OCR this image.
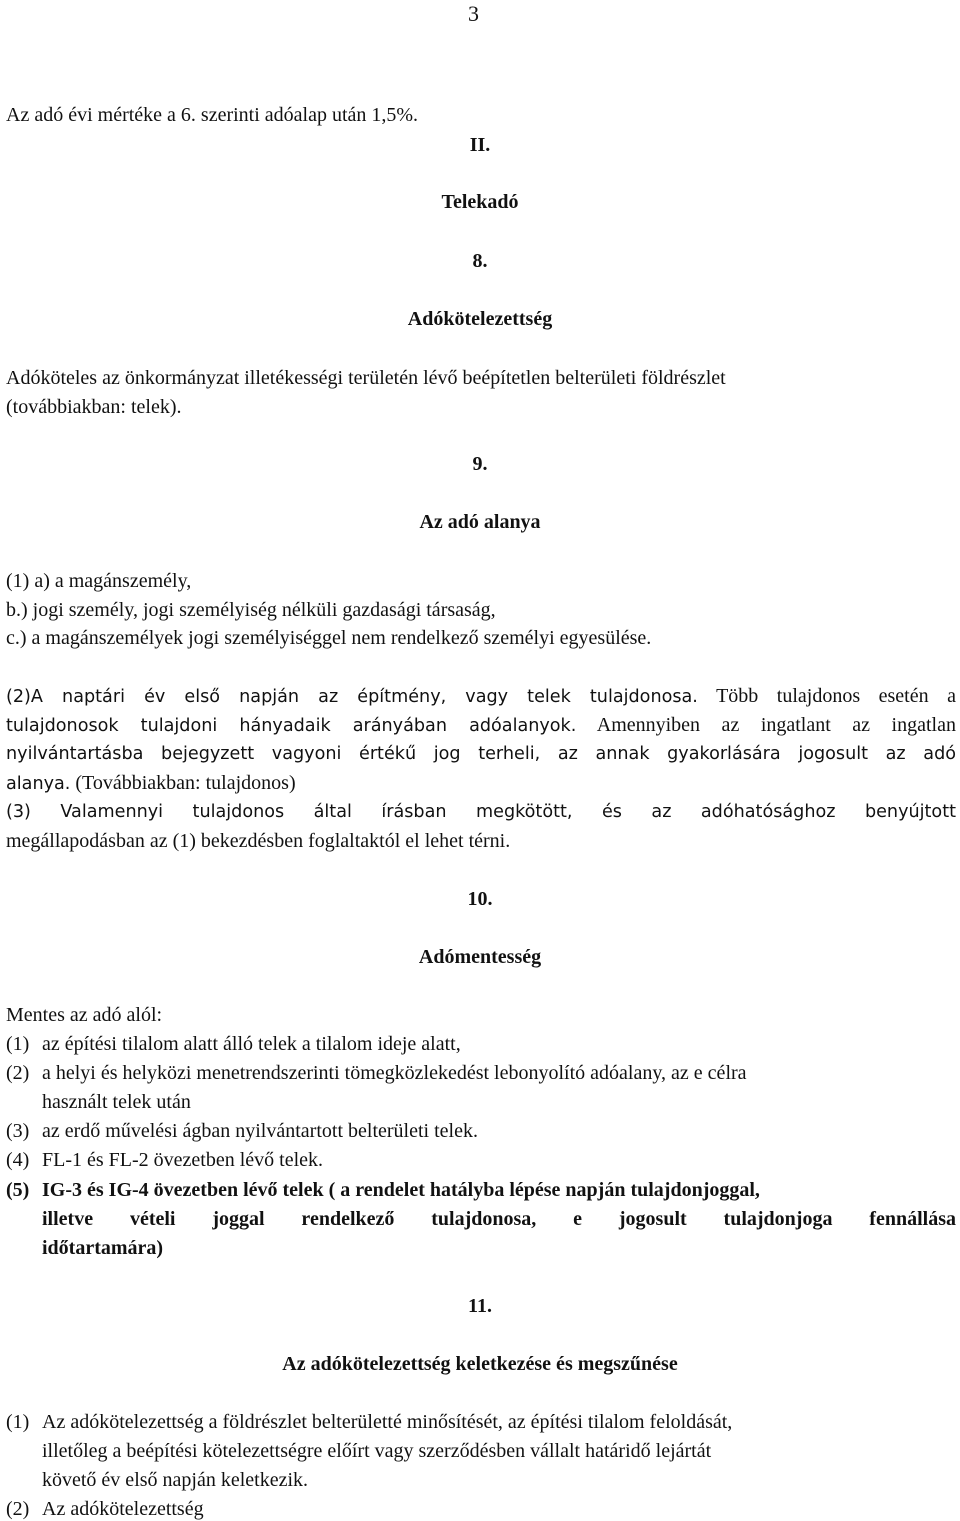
3
Az adó évi mértéke a 6. szerinti adóalap után 1,5%.
II.
Telekadó
8.
Adókötelezettség
Adóköteles az önkormányzat illetékességi területén lévő beépítetlen belterületi földrészlet
(továbbiakban: telek).
9.
Az adó alanya
(1) a) a magánszemély,
b.) jogi személy, jogi személyiség nélküli gazdasági társaság,
c.) a magánszemélyek jogi személyiséggel nem rendelkező személyi egyesülése.
(2)A naptári év első napján az építmény, vagy telek tulajdonosa. Több tulajdonos esetén a
tulajdonosok tulajdoni hányadaik arányában adóalanyok. Amennyiben az ingatlant az ingatlan
nyilvántartásba bejegyzett vagyoni értékű jog terheli, az annak gyakorlására jogosult az adó
alanya. (Továbbiakban: tulajdonos)
(3) Valamennyi tulajdonos által írásban megkötött, és az adóhatósághoz benyújtott
megállapodásban az (1) bekezdésben foglaltaktól el lehet térni.
10.
Adómentesség
Mentes az adó alól:
(1) az építési tilalom alatt álló telek a tilalom ideje alatt,
(2) a helyi és helyközi menetrendszerinti tömegközlekedést lebonyolító adóalany, az e célra
használt telek után
(3) az erdő művelési ágban nyilvántartott belterületi telek.
(4) FL-1 és FL-2 övezetben lévő telek.
(5) IG-3 és IG-4 övezetben lévő telek ( a rendelet hatályba lépése napján tulajdonjoggal,
illetve vételi joggal rendelkező tulajdonosa, e jogosult tulajdonjoga fennállása
időtartamára)
11.
Az adókötelezettség keletkezése és megszűnése
(1) Az adókötelezettség a földrészlet belterületté minősítését, az építési tilalom feloldását,
illetőleg a beépítési kötelezettségre előírt vagy szerződésben vállalt határidő lejártát
követő év első napján keletkezik.
(2) Az adókötelezettség
